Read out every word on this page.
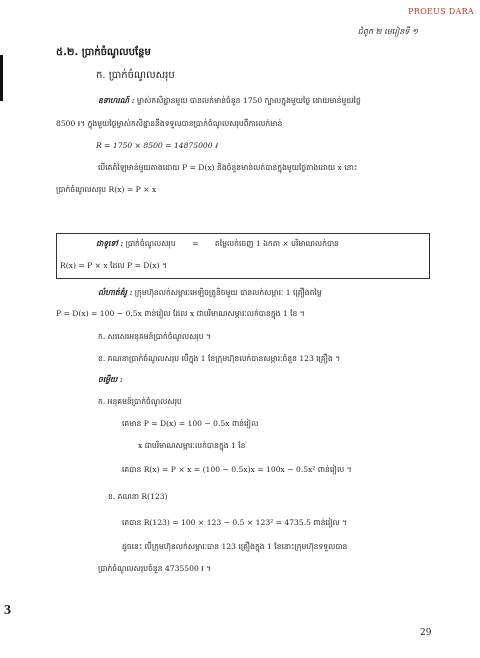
PROEUS DARA
ជំពូក ២ មេរៀនទី ១
៥.២. ប្រាក់ចំណូលបន្ថែម
ក. ប្រាក់ចំណូលសរុប
ឧទាហរណ៍ : ម្ចាស់កសិដ្ឋានមួយ បានលក់មាន់ចំនួន 1750 ក្បាលក្នុងមួយថ្ងៃ ដោយមាន់មួយថ្លៃ
8500 ៛។ ក្នុងមួយថ្ងៃម្ចាស់កសិដ្ឋាននឹងទទួលបានប្រាក់ចំណូលសរុបពីការលក់មាន់
R = 1750 × 8500 = 14875000 ៛
បើគេតំឡៃមាន់មួយតាងដោយ P = D(x) និងចំនួនមាន់លក់បានក្នុងមួយថ្ងៃតាងដោយ x នោះ
ប្រាក់ចំណូលសរុប R(x) = P × x
ជាទូទៅ : ប្រាក់ចំណូលសរុប = តម្លៃលក់ចេញ 1 ឯកតា × បរិមាណលក់បាន
R(x) = P × x ដែល P = D(x) ។
លំហាត់គំរូ : ក្រុមហ៊ុនលក់សម្ភារៈអេឡិចត្រូនិចមួយ បានលក់សម្ភារៈ 1 គ្រឿងតម្លៃ
P = D(x) = 100 − 0.5x ពាន់រៀល ដែល x ជាបរិមាណសម្ភារៈលក់បានក្នុង 1 ខែ ។
ក. សរសេរអនុគមន៍ប្រាក់ចំណូលសរុប ។
ខ. គណនាប្រាក់ចំណូលសរុប បើក្នុង 1 ខែក្រុមហ៊ុនលក់បានសម្ភារៈចំនួន 123 គ្រឿង ។
ចម្លើយ :
ក. អនុគមន៍ប្រាក់ចំណូលសរុប
គេមាន P = D(x) = 100 − 0.5x ពាន់រៀល
x ជាបរិមាណសម្ភារៈលក់បានក្នុង 1 ខែ
គេបាន R(x) = P × x = (100 − 0.5x)x = 100x − 0.5x² ពាន់រៀល ។
ខ. គណនា R(123)
គេបាន R(123) = 100 × 123 − 0.5 × 123² = 4735.5 ពាន់រៀល ។
ដូចនេះ បើក្រុមហ៊ុនលក់សម្ភារៈបាន 123 គ្រឿងក្នុង 1 ខែនោះក្រុមហ៊ុនទទួលបាន
ប្រាក់ចំណូលសរុបចំនួន 4735500 ៛ ។
3
29
